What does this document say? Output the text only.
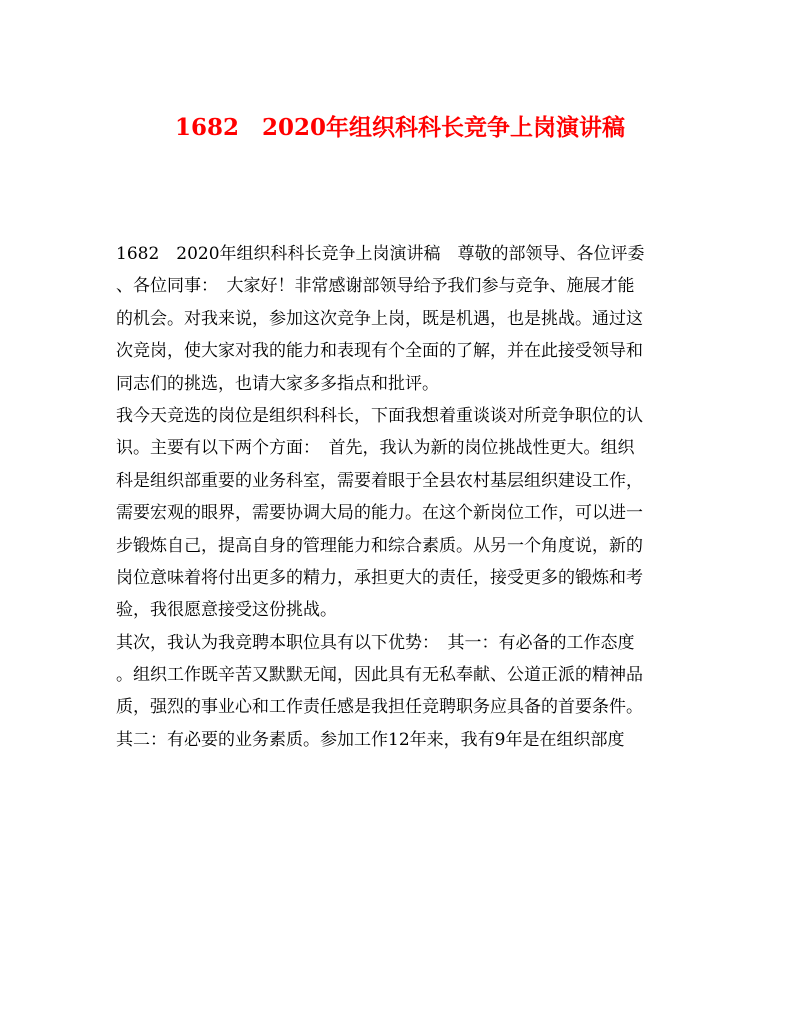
1682　2020年组织科科长竞争上岗演讲稿
1682　2020年组织科科长竞争上岗演讲稿　尊敬的部领导、各位评委
、各位同事：　大家好！非常感谢部领导给予我们参与竞争、施展才能
的机会。对我来说，参加这次竞争上岗，既是机遇，也是挑战。通过这
次竞岗，使大家对我的能力和表现有个全面的了解，并在此接受领导和
同志们的挑选，也请大家多多指点和批评。
我今天竞选的岗位是组织科科长，下面我想着重谈谈对所竞争职位的认
识。主要有以下两个方面：　首先，我认为新的岗位挑战性更大。组织
科是组织部重要的业务科室，需要着眼于全县农村基层组织建设工作，
需要宏观的眼界，需要协调大局的能力。在这个新岗位工作，可以进一
步锻炼自己，提高自身的管理能力和综合素质。从另一个角度说，新的
岗位意味着将付出更多的精力，承担更大的责任，接受更多的锻炼和考
验，我很愿意接受这份挑战。
其次，我认为我竞聘本职位具有以下优势：　其一：有必备的工作态度
。组织工作既辛苦又默默无闻，因此具有无私奉献、公道正派的精神品
质，强烈的事业心和工作责任感是我担任竞聘职务应具备的首要条件。
其二：有必要的业务素质。参加工作12年来，我有9年是在组织部度
